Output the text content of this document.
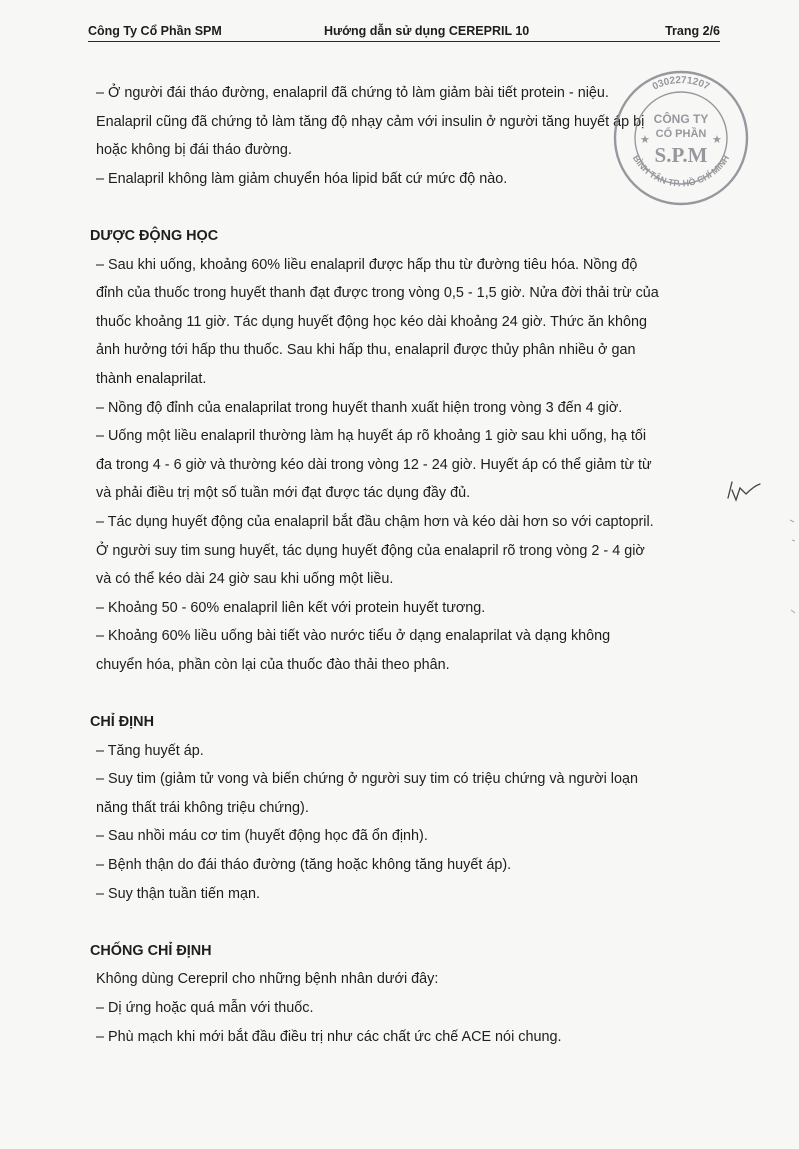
Công Ty Cổ Phần SPM	Hướng dẫn sử dụng CEREPRIL 10	Trang 2/6
– Ở người đái tháo đường, enalapril đã chứng tỏ làm giảm bài tiết protein - niệu.
Enalapril cũng đã chứng tỏ làm tăng độ nhạy cảm với insulin ở người tăng huyết áp bị
hoặc không bị đái tháo đường.
– Enalapril không làm giảm chuyển hóa lipid bất cứ mức độ nào.
DƯỢC ĐỘNG HỌC
– Sau khi uống, khoảng 60% liều enalapril được hấp thu từ đường tiêu hóa. Nồng độ
đỉnh của thuốc trong huyết thanh đạt được trong vòng 0,5 - 1,5 giờ. Nửa đời thải trừ của
thuốc khoảng 11 giờ. Tác dụng huyết động học kéo dài khoảng 24 giờ. Thức ăn không
ảnh hưởng tới hấp thu thuốc. Sau khi hấp thu, enalapril được thủy phân nhiều ở gan
thành enalaprilat.
– Nồng độ đỉnh của enalaprilat trong huyết thanh xuất hiện trong vòng 3 đến 4 giờ.
– Uống một liều enalapril thường làm hạ huyết áp rõ khoảng 1 giờ sau khi uống, hạ tối
đa trong 4 - 6 giờ và thường kéo dài trong vòng 12 - 24 giờ. Huyết áp có thể giảm từ từ
và phải điều trị một số tuần mới đạt được tác dụng đầy đủ.
– Tác dụng huyết động của enalapril bắt đầu chậm hơn và kéo dài hơn so với captopril.
Ở người suy tim sung huyết, tác dụng huyết động của enalapril rõ trong vòng 2 - 4 giờ
và có thể kéo dài 24 giờ sau khi uống một liều.
– Khoảng 50 - 60% enalapril liên kết với protein huyết tương.
– Khoảng 60% liều uống bài tiết vào nước tiểu ở dạng enalaprilat và dạng không
chuyển hóa, phần còn lại của thuốc đào thải theo phân.
CHỈ ĐỊNH
– Tăng huyết áp.
– Suy tim (giảm tử vong và biến chứng ở người suy tim có triệu chứng và người loạn
năng thất trái không triệu chứng).
– Sau nhồi máu cơ tim (huyết động học đã ổn định).
– Bệnh thận do đái tháo đường (tăng hoặc không tăng huyết áp).
– Suy thận tuần tiến mạn.
CHỐNG CHỈ ĐỊNH
Không dùng Cerepril cho những bệnh nhân dưới đây:
– Dị ứng hoặc quá mẫn với thuốc.
– Phù mạch khi mới bắt đầu điều trị như các chất ức chế ACE nói chung.
0302271207
BÌNH TÂN TP. HỒ CHÍ MINH
CÔNG TY
CỔ PHẦN
S.P.M
★	★
